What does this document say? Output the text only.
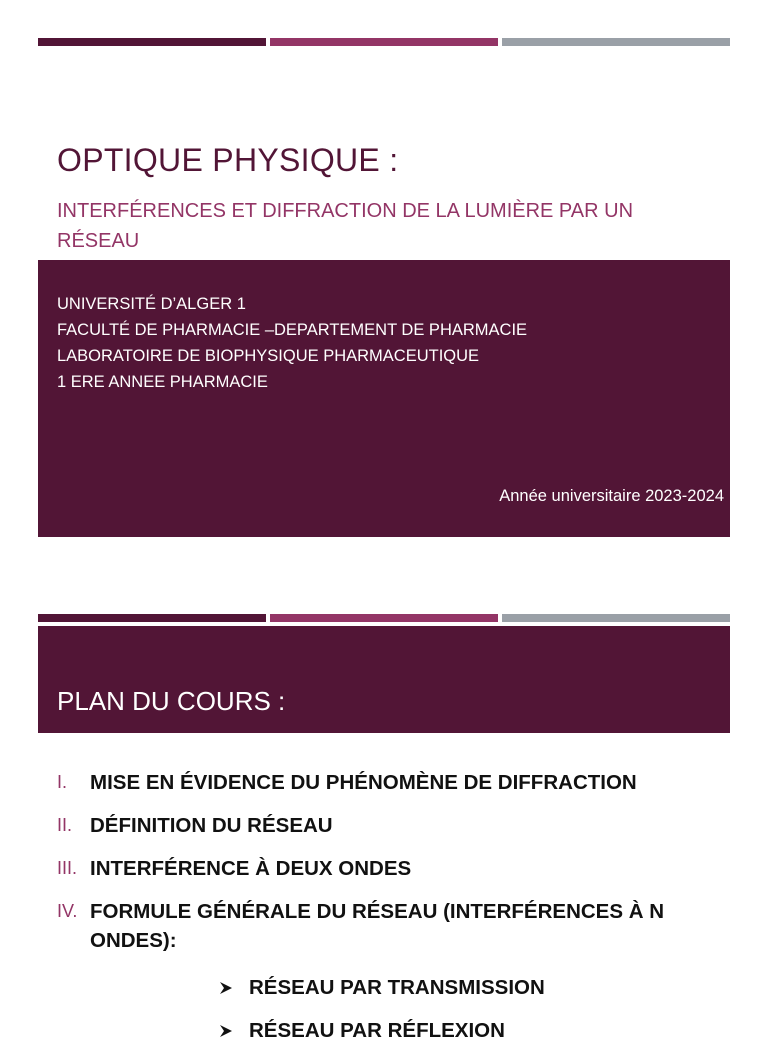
OPTIQUE PHYSIQUE :
INTERFÉRENCES ET DIFFRACTION DE LA LUMIÈRE PAR UN RÉSEAU
UNIVERSITÉ D’ALGER 1
FACULTÉ DE PHARMACIE –DEPARTEMENT DE PHARMACIE
LABORATOIRE DE BIOPHYSIQUE PHARMACEUTIQUE
1 ERE ANNEE PHARMACIE
Année universitaire 2023-2024
PLAN DU COURS :
I.	MISE EN ÉVIDENCE DU PHÉNOMÈNE DE DIFFRACTION
II. DÉFINITION DU RÉSEAU
III. INTERFÉRENCE À DEUX ONDES
IV. FORMULE GÉNÉRALE DU RÉSEAU (INTERFÉRENCES À N ONDES):
RÉSEAU PAR TRANSMISSION
RÉSEAU PAR RÉFLEXION
